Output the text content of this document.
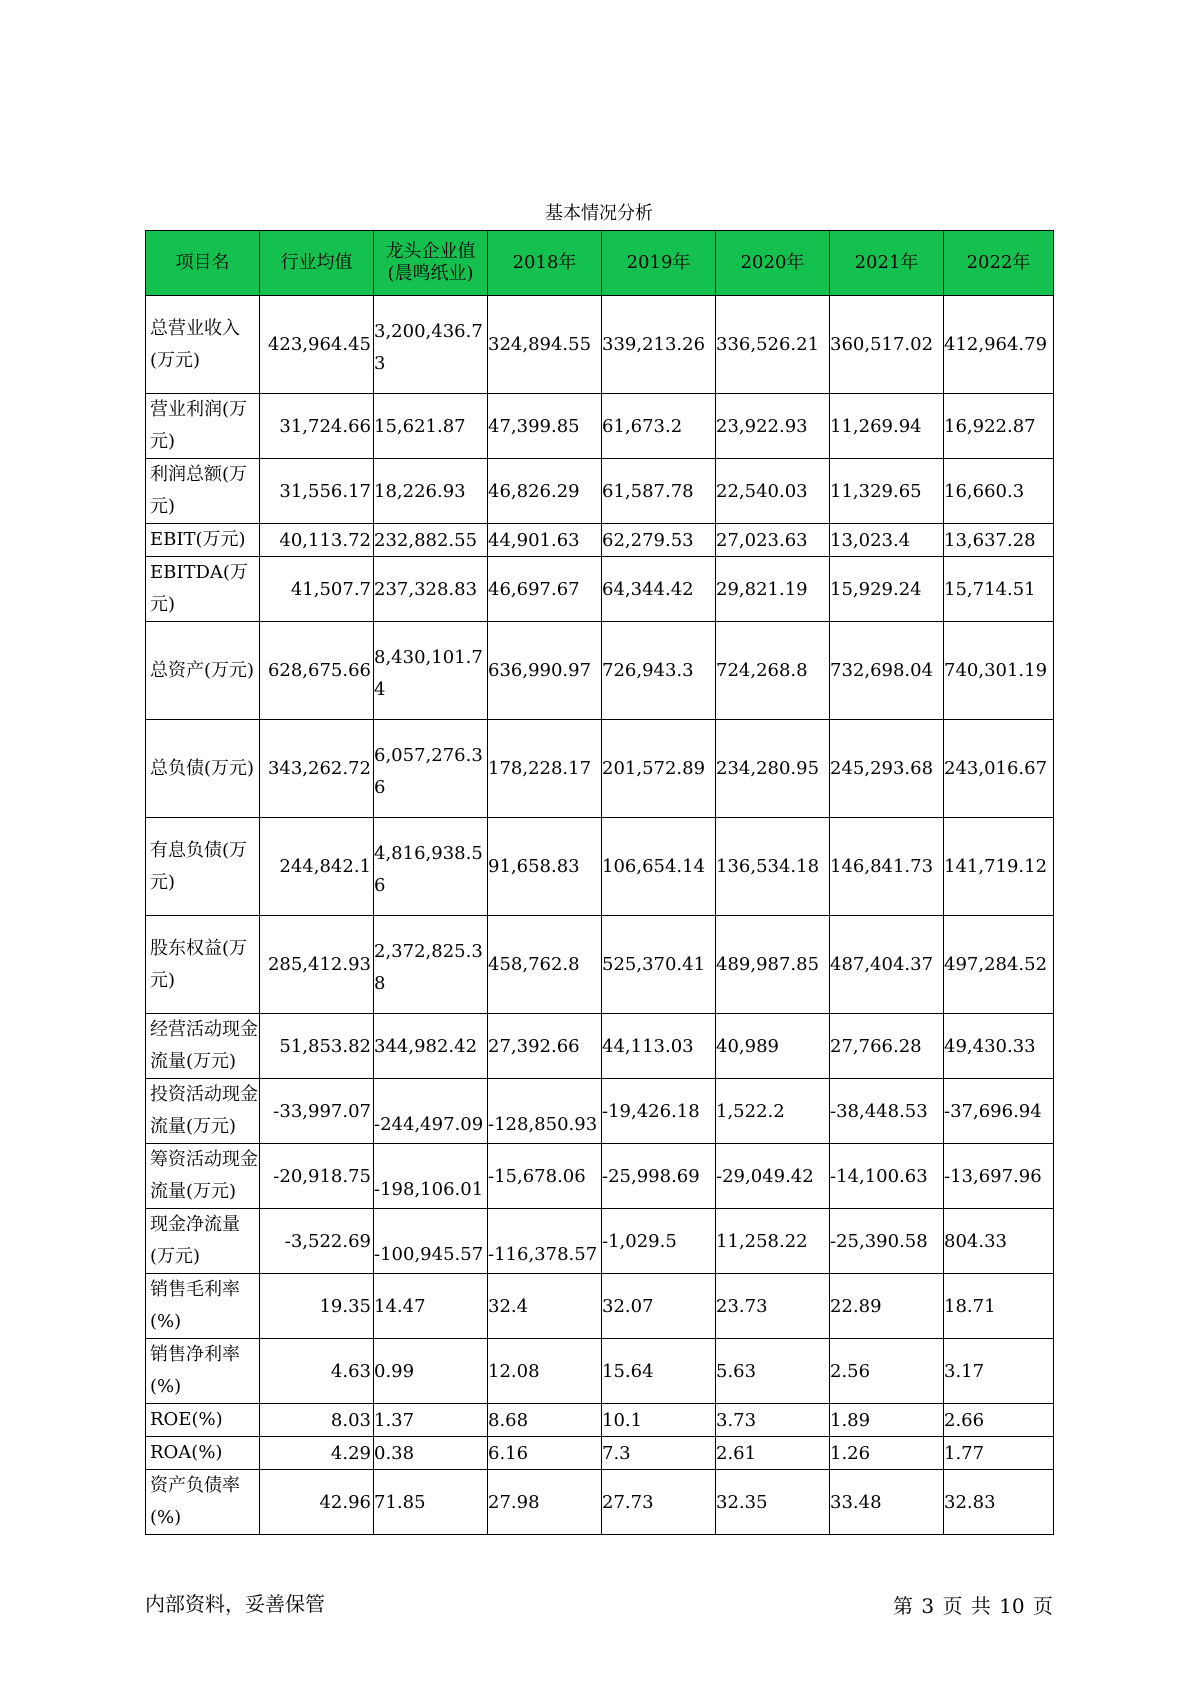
基本情况分析
项目名	行业均值	龙头企业值(晨鸣纸业)	2018年	2019年	2020年	2021年	2022年

总营业收入(万元)	423,964.45	3,200,436.73	324,894.55	339,213.26	336,526.21	360,517.02	412,964.79

营业利润(万元)	31,724.66	15,621.87	47,399.85	61,673.2	23,922.93	11,269.94	16,922.87

利润总额(万元)	31,556.17	18,226.93	46,826.29	61,587.78	22,540.03	11,329.65	16,660.3

EBIT(万元)	40,113.72	232,882.55	44,901.63	62,279.53	27,023.63	13,023.4	13,637.28

EBITDA(万元)	41,507.7	237,328.83	46,697.67	64,344.42	29,821.19	15,929.24	15,714.51

总资产(万元)	628,675.66	8,430,101.74	636,990.97	726,943.3	724,268.8	732,698.04	740,301.19

总负债(万元)	343,262.72	6,057,276.36	178,228.17	201,572.89	234,280.95	245,293.68	243,016.67

有息负债(万元)	244,842.1	4,816,938.56	91,658.83	106,654.14	136,534.18	146,841.73	141,719.12

股东权益(万元)	285,412.93	2,372,825.38	458,762.8	525,370.41	489,987.85	487,404.37	497,284.52

经营活动现金流量(万元)	51,853.82	344,982.42	27,392.66	44,113.03	40,989	27,766.28	49,430.33

投资活动现金流量(万元)	-33,997.07	-244,497.09	-128,850.93	-19,426.18	1,522.2	-38,448.53	-37,696.94

筹资活动现金流量(万元)	-20,918.75	-198,106.01	-15,678.06	-25,998.69	-29,049.42	-14,100.63	-13,697.96

现金净流量(万元)	-3,522.69	-100,945.57	-116,378.57	-1,029.5	11,258.22	-25,390.58	804.33

销售毛利率(%)	19.35	14.47	32.4	32.07	23.73	22.89	18.71

销售净利率(%)	4.63	0.99	12.08	15.64	5.63	2.56	3.17

ROE(%)	8.03	1.37	8.68	10.1	3.73	1.89	2.66

ROA(%)	4.29	0.38	6.16	7.3	2.61	1.26	1.77

资产负债率(%)	42.96	71.85	27.98	27.73	32.35	33.48	32.83
内部资料，妥善保管	第 3 页 共 10 页
